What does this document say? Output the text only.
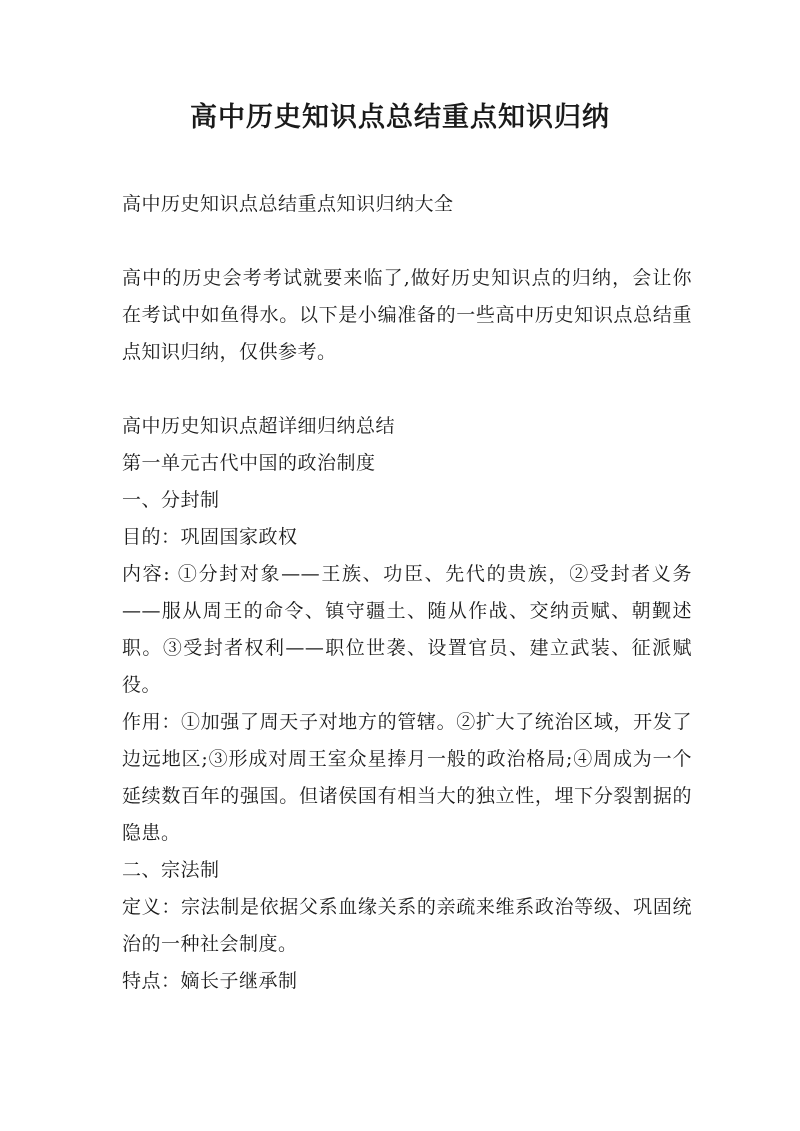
高中历史知识点总结重点知识归纳

高中历史知识点总结重点知识归纳大全

高中的历史会考考试就要来临了,做好历史知识点的归纳，会让你在考试中如鱼得水。以下是小编准备的一些高中历史知识点总结重点知识归纳，仅供参考。

高中历史知识点超详细归纳总结

第一单元古代中国的政治制度

一、分封制

目的：巩固国家政权

内容: ①分封对象——王族、功臣、先代的贵族，②受封者义务——服从周王的命令、镇守疆土、随从作战、交纳贡赋、朝觐述职。③受封者权利——职位世袭、设置官员、建立武装、征派赋役。

作用：①加强了周天子对地方的管辖。②扩大了统治区域，开发了边远地区;③形成对周王室众星捧月一般的政治格局;④周成为一个延续数百年的强国。但诸侯国有相当大的独立性，埋下分裂割据的隐患。

二、宗法制

定义：宗法制是依据父系血缘关系的亲疏来维系政治等级、巩固统治的一种社会制度。

特点：嫡长子继承制
